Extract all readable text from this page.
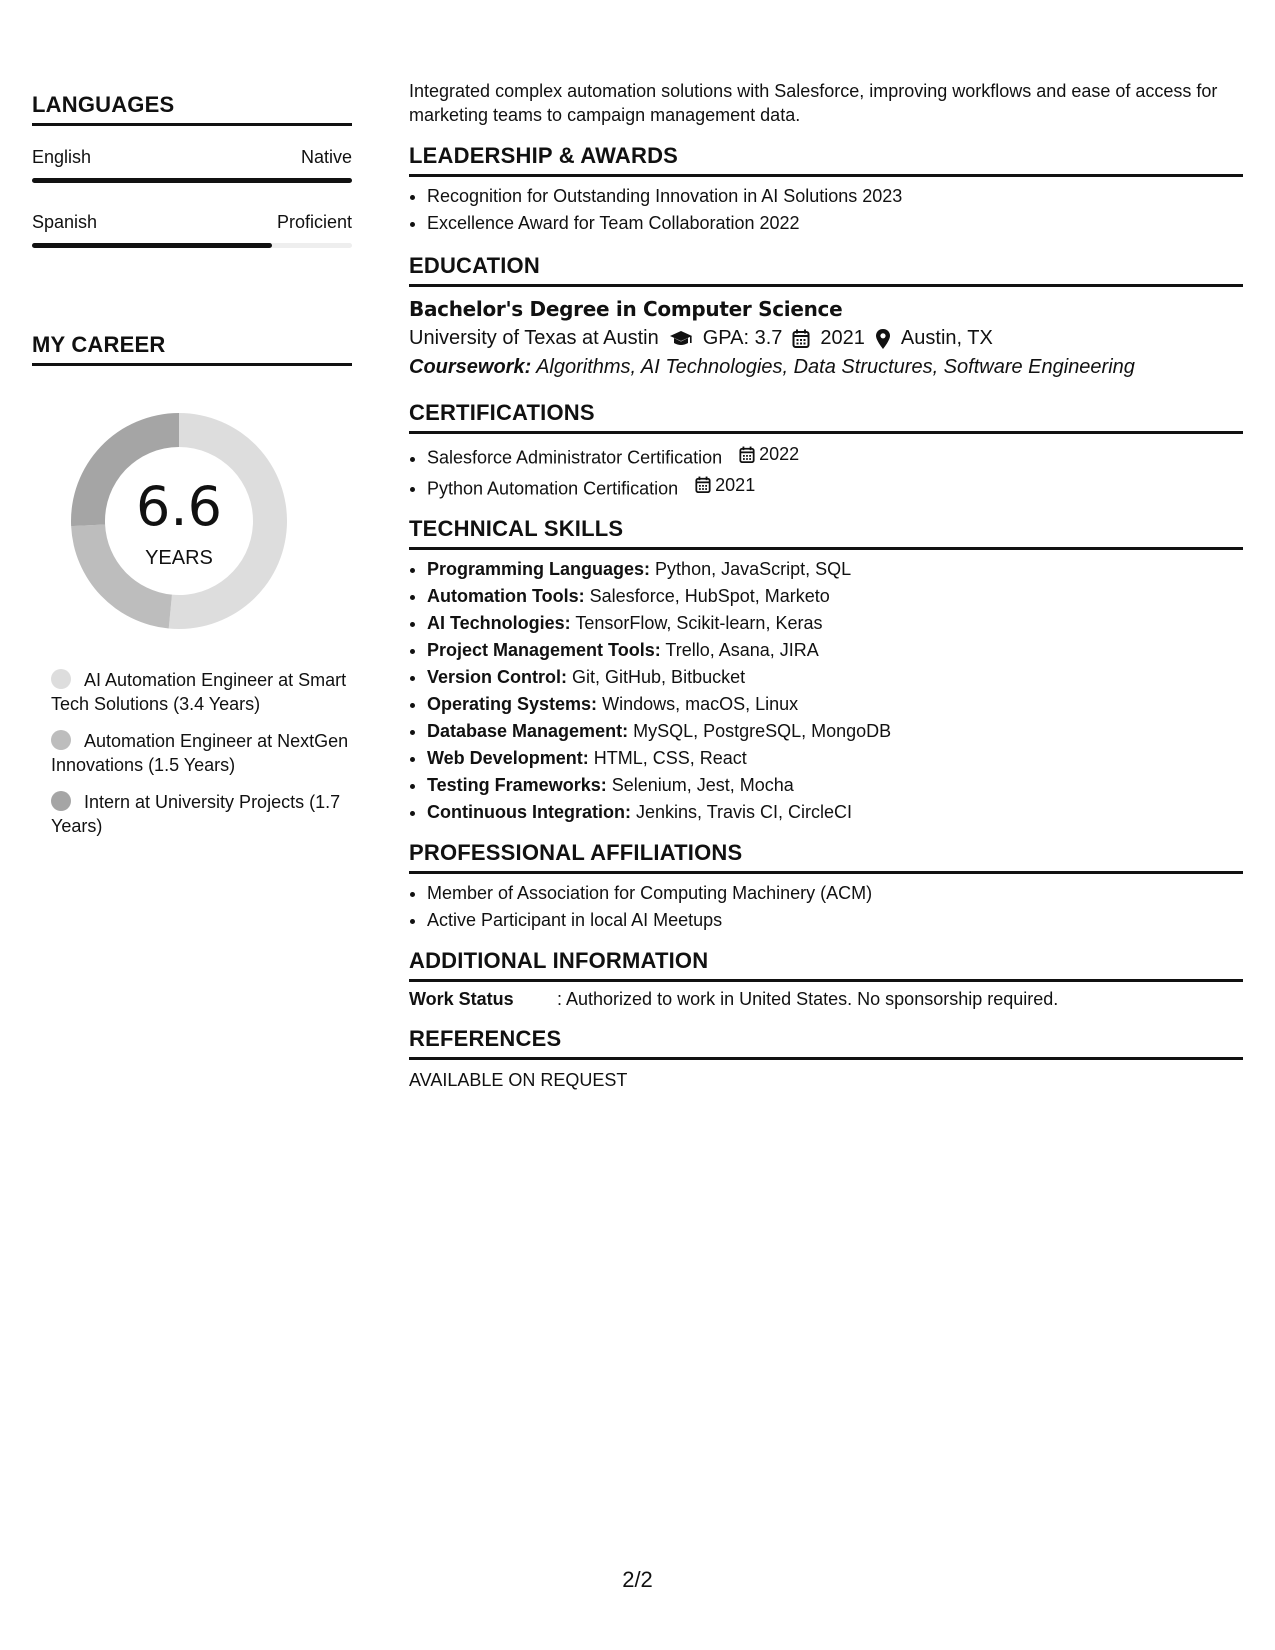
LANGUAGES
English	Native
Spanish	Proficient
MY CAREER
6.6
YEARS
AI Automation Engineer at Smart Tech Solutions (3.4 Years)
Automation Engineer at NextGen Innovations (1.5 Years)
Intern at University Projects (1.7 Years)

Integrated complex automation solutions with Salesforce, improving workflows and ease of access for marketing teams to campaign management data.

LEADERSHIP & AWARDS
• Recognition for Outstanding Innovation in AI Solutions 2023
• Excellence Award for Team Collaboration 2022
EDUCATION
Bachelor's Degree in Computer Science
University of Texas at Austin GPA: 3.7 2021 Austin, TX
Coursework: Algorithms, AI Technologies, Data Structures, Software Engineering
CERTIFICATIONS
• Salesforce Administrator Certification 2022
• Python Automation Certification 2021
TECHNICAL SKILLS
• Programming Languages: Python, JavaScript, SQL
• Automation Tools: Salesforce, HubSpot, Marketo
• AI Technologies: TensorFlow, Scikit-learn, Keras
• Project Management Tools: Trello, Asana, JIRA
• Version Control: Git, GitHub, Bitbucket
• Operating Systems: Windows, macOS, Linux
• Database Management: MySQL, PostgreSQL, MongoDB
• Web Development: HTML, CSS, React
• Testing Frameworks: Selenium, Jest, Mocha
• Continuous Integration: Jenkins, Travis CI, CircleCI
PROFESSIONAL AFFILIATIONS
• Member of Association for Computing Machinery (ACM)
• Active Participant in local AI Meetups
ADDITIONAL INFORMATION
Work Status	: Authorized to work in United States. No sponsorship required.
REFERENCES
AVAILABLE ON REQUEST
2/2
